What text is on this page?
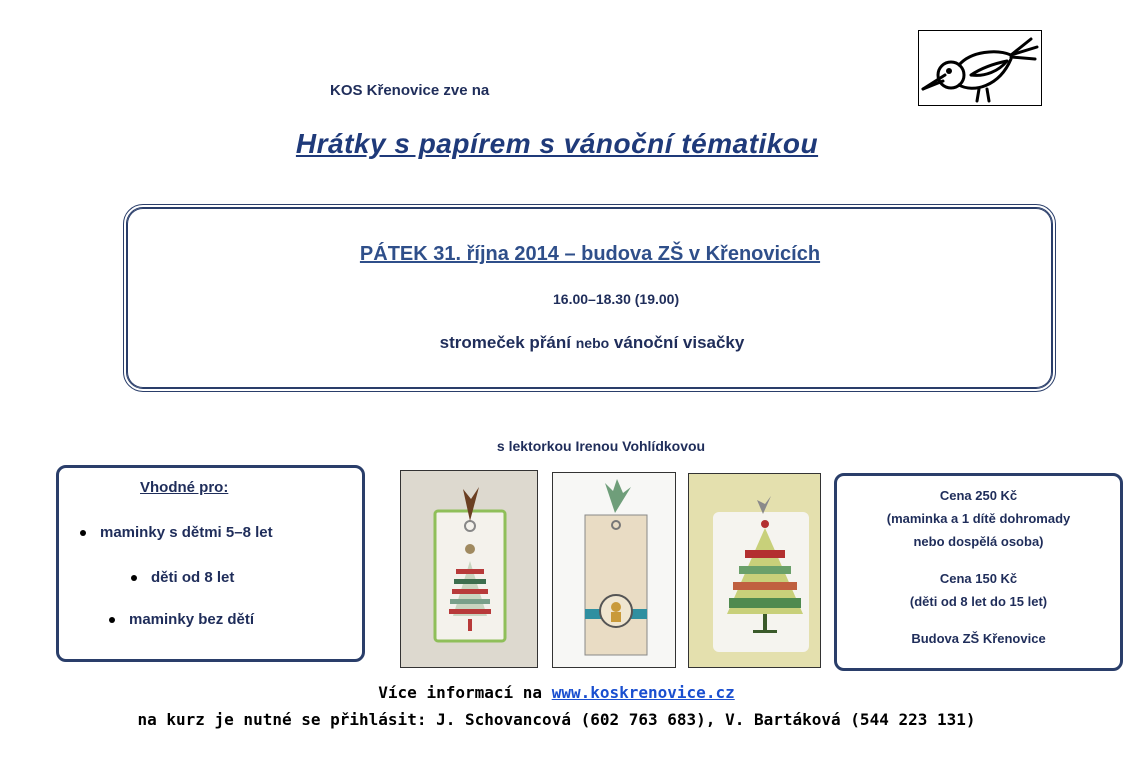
KOS Křenovice zve na
Hrátky s papírem s vánoční tématikou
PÁTEK 31. října 2014 – budova ZŠ v Křenovicích
16.00–18.30 (19.00)
stromeček přání nebo vánoční visačky
s lektorkou Irenou Vohlídkovou
Vhodné pro:
maminky s dětmi 5–8 let
děti od 8 let
maminky bez dětí
Cena 250 Kč
(maminka a 1 dítě dohromady
nebo dospělá osoba)
Cena 150 Kč
(děti od 8 let do 15 let)
Budova ZŠ Křenovice
Více informací na www.koskrenovice.cz
na kurz je nutné se přihlásit: J. Schovancová (602 763 683), V. Bartáková (544 223 131)
